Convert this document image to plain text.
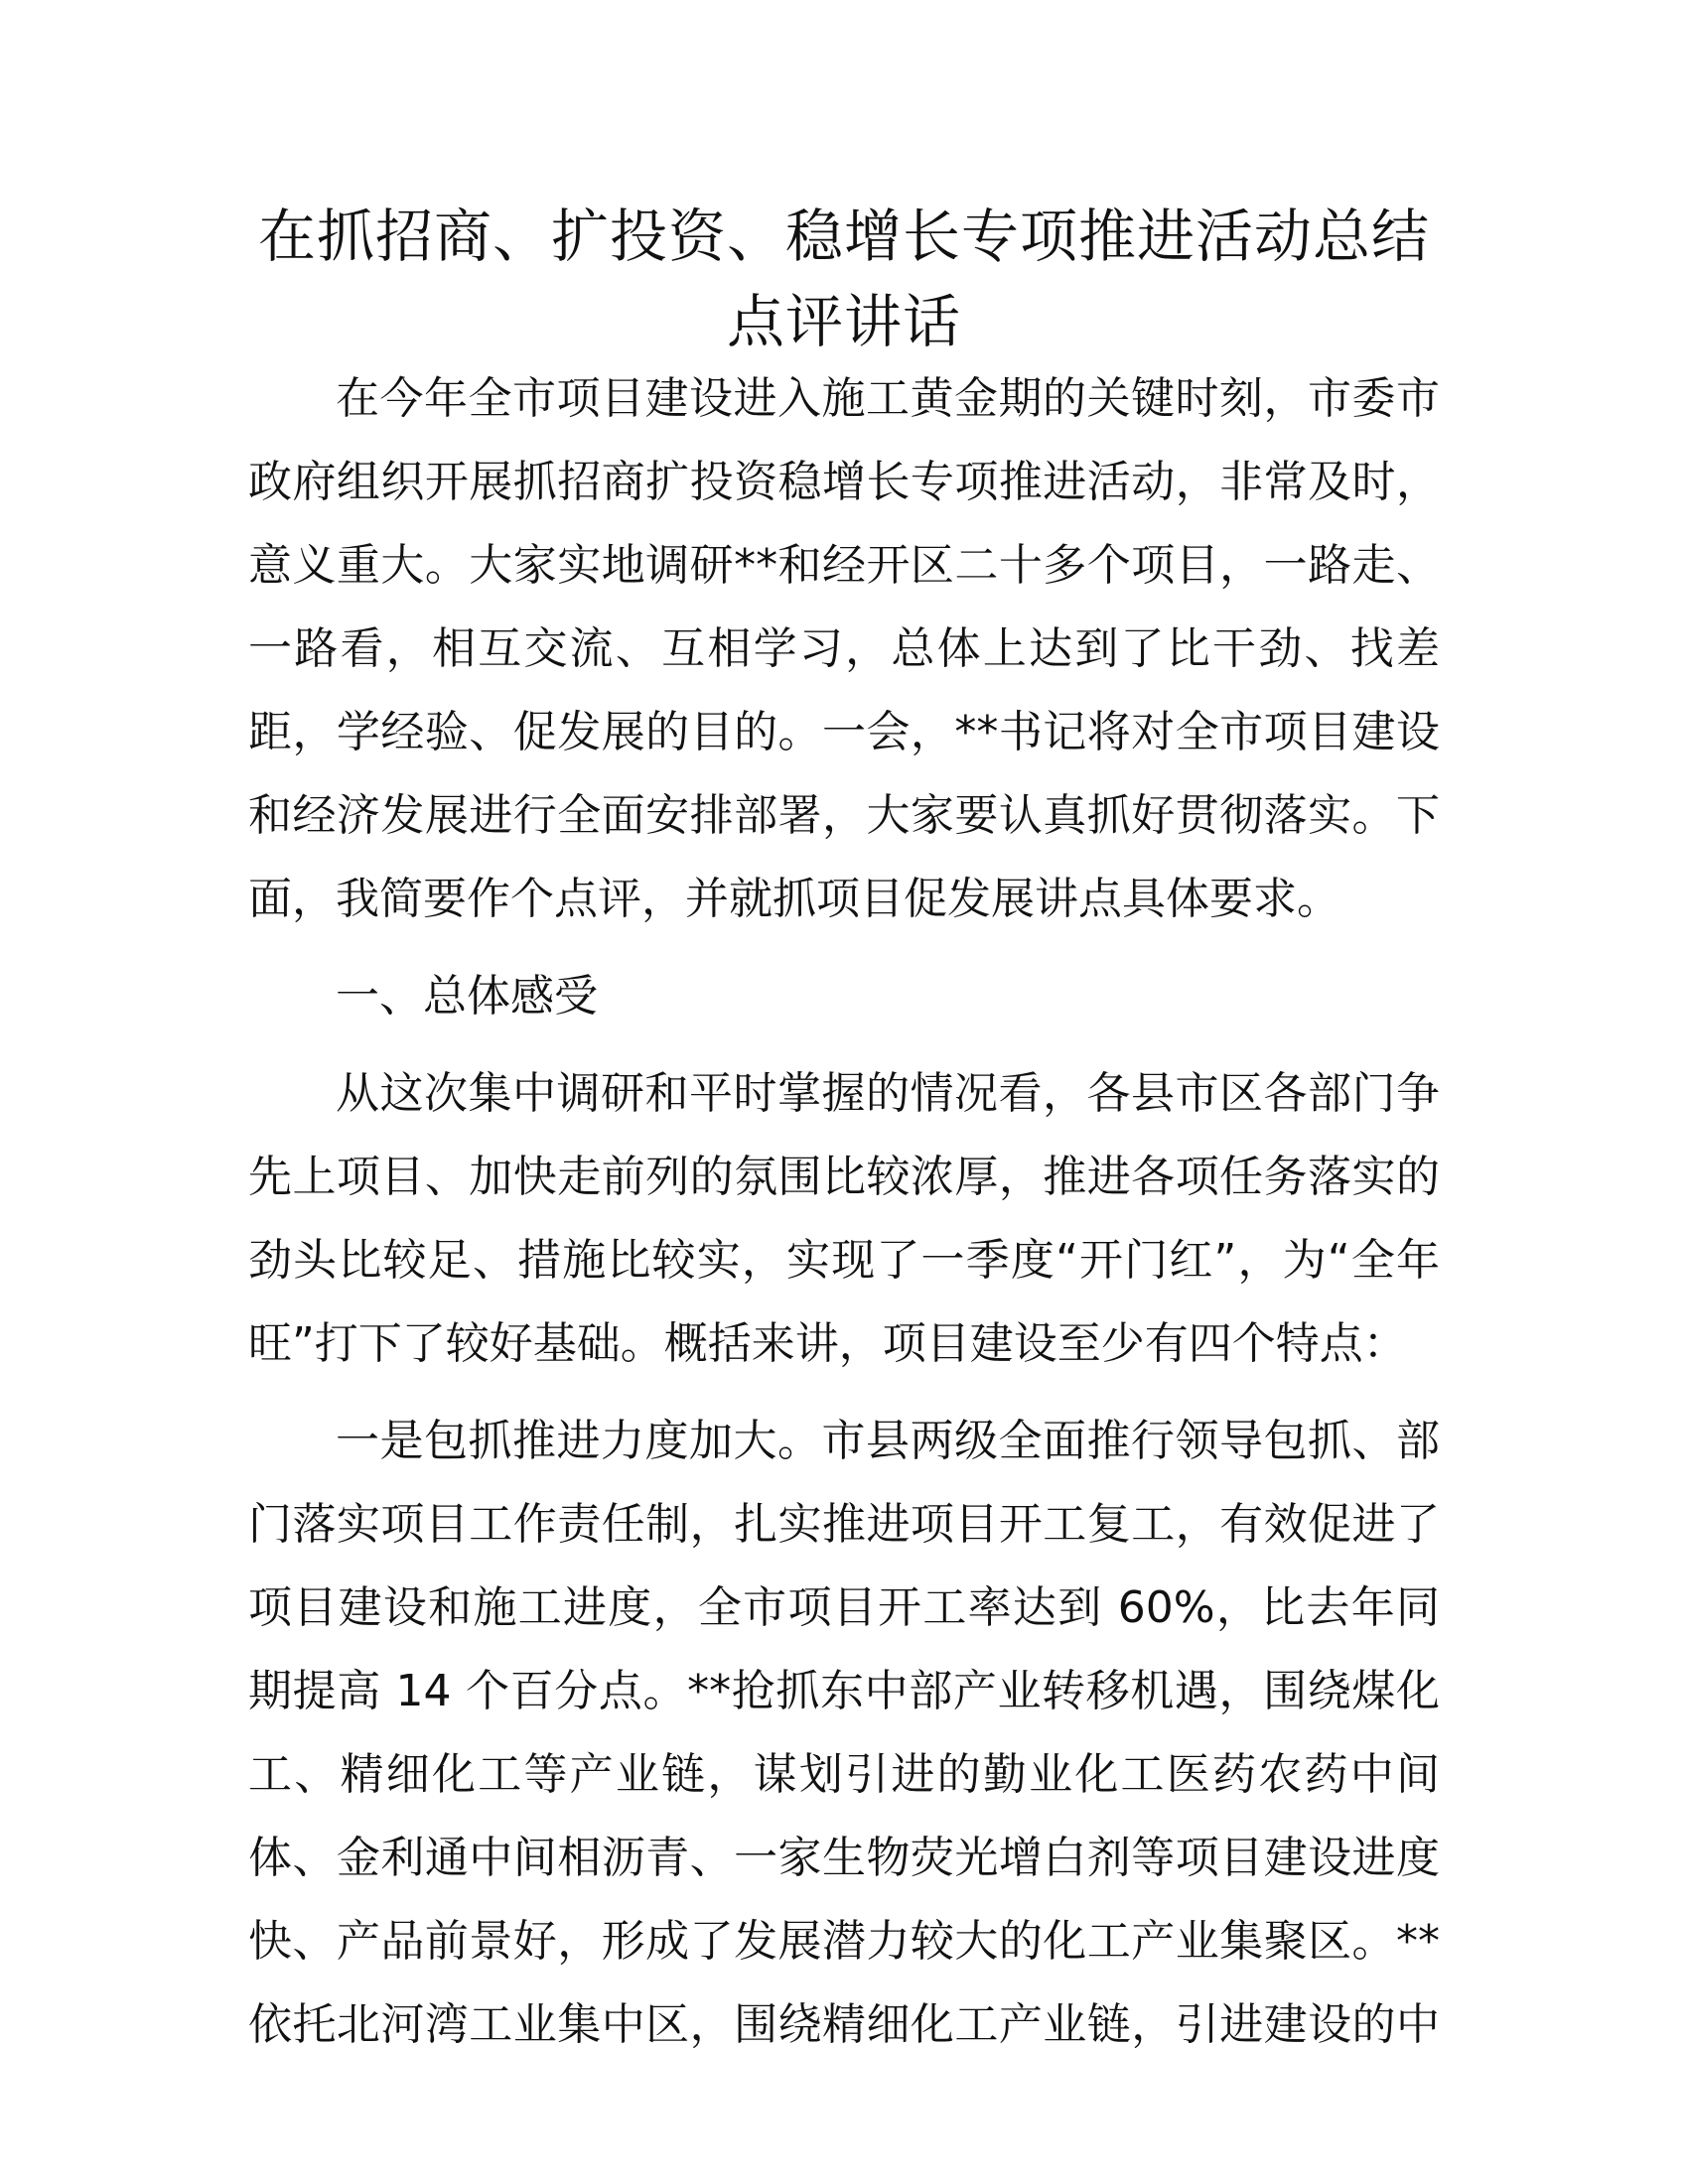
在抓招商、扩投资、稳增长专项推进活动总结
点评讲话
在今年全市项目建设进入施工黄金期的关键时刻，市委市
政府组织开展抓招商扩投资稳增长专项推进活动，非常及时，
意义重大。大家实地调研**和经开区二十多个项目，一路走、
一路看，相互交流、互相学习，总体上达到了比干劲、找差
距，学经验、促发展的目的。一会，**书记将对全市项目建设
和经济发展进行全面安排部署，大家要认真抓好贯彻落实。下
面，我简要作个点评，并就抓项目促发展讲点具体要求。
一、总体感受
从这次集中调研和平时掌握的情况看，各县市区各部门争
先上项目、加快走前列的氛围比较浓厚，推进各项任务落实的
劲头比较足、措施比较实，实现了一季度“开门红”，为“全年
旺”打下了较好基础。概括来讲，项目建设至少有四个特点：
一是包抓推进力度加大。市县两级全面推行领导包抓、部
门落实项目工作责任制，扎实推进项目开工复工，有效促进了
项目建设和施工进度，全市项目开工率达到 60%，比去年同
期提高 14 个百分点。**抢抓东中部产业转移机遇，围绕煤化
工、精细化工等产业链，谋划引进的勤业化工医药农药中间
体、金利通中间相沥青、一家生物荧光增白剂等项目建设进度
快、产品前景好，形成了发展潜力较大的化工产业集聚区。**
依托北河湾工业集中区，围绕精细化工产业链，引进建设的中
